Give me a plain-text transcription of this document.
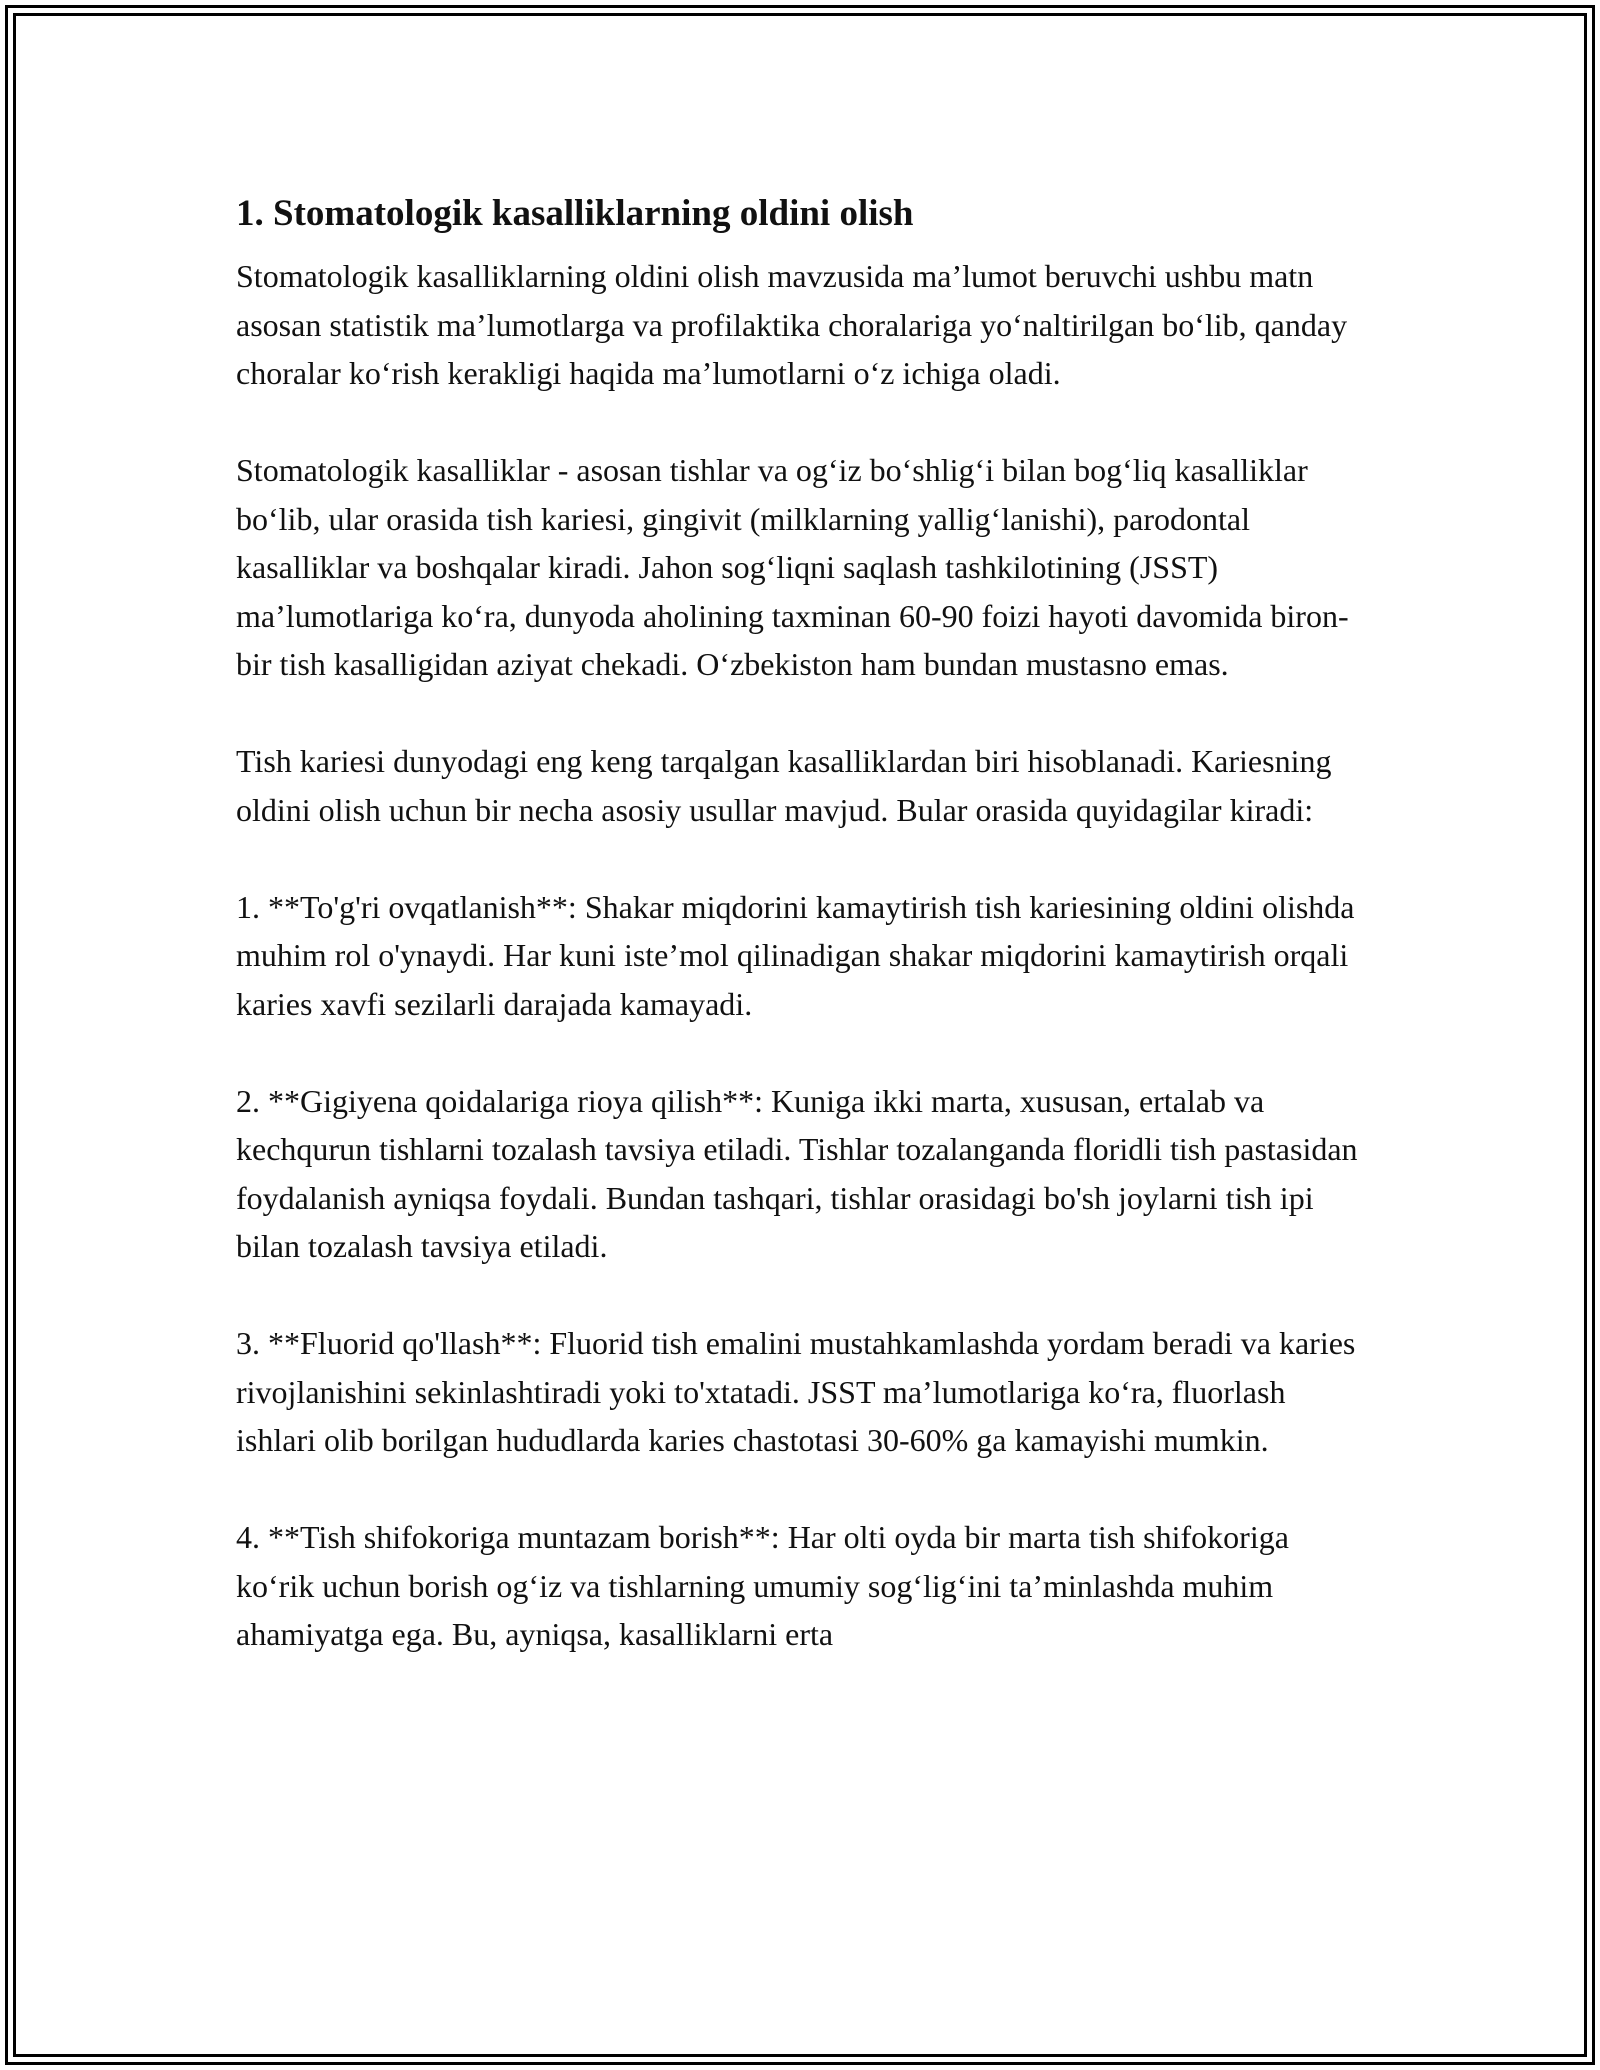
1. Stomatologik kasalliklarning oldini olish

Stomatologik kasalliklarning oldini olish mavzusida ma’lumot beruvchi ushbu matn asosan statistik ma’lumotlarga va profilaktika choralariga yo‘naltirilgan bo‘lib, qanday choralar ko‘rish kerakligi haqida ma’lumotlarni o‘z ichiga oladi.

Stomatologik kasalliklar - asosan tishlar va og‘iz bo‘shlig‘i bilan bog‘liq kasalliklar bo‘lib, ular orasida tish kariesi, gingivit (milklarning yallig‘lanishi), parodontal kasalliklar va boshqalar kiradi. Jahon sog‘liqni saqlash tashkilotining (JSST) ma’lumotlariga ko‘ra, dunyoda aholining taxminan 60-90 foizi hayoti davomida biron-bir tish kasalligidan aziyat chekadi. O‘zbekiston ham bundan mustasno emas.

Tish kariesi dunyodagi eng keng tarqalgan kasalliklardan biri hisoblanadi. Kariesning oldini olish uchun bir necha asosiy usullar mavjud. Bular orasida quyidagilar kiradi:

1. **To'g'ri ovqatlanish**: Shakar miqdorini kamaytirish tish kariesining oldini olishda muhim rol o'ynaydi. Har kuni iste’mol qilinadigan shakar miqdorini kamaytirish orqali karies xavfi sezilarli darajada kamayadi.

2. **Gigiyena qoidalariga rioya qilish**: Kuniga ikki marta, xususan, ertalab va kechqurun tishlarni tozalash tavsiya etiladi. Tishlar tozalanganda floridli tish pastasidan foydalanish ayniqsa foydali. Bundan tashqari, tishlar orasidagi bo'sh joylarni tish ipi bilan tozalash tavsiya etiladi.

3. **Fluorid qo'llash**: Fluorid tish emalini mustahkamlashda yordam beradi va karies rivojlanishini sekinlashtiradi yoki to'xtatadi. JSST ma’lumotlariga ko‘ra, fluorlash ishlari olib borilgan hududlarda karies chastotasi 30-60% ga kamayishi mumkin.

4. **Tish shifokoriga muntazam borish**: Har olti oyda bir marta tish shifokoriga ko‘rik uchun borish og‘iz va tishlarning umumiy sog‘lig‘ini ta’minlashda muhim ahamiyatga ega. Bu, ayniqsa, kasalliklarni erta
